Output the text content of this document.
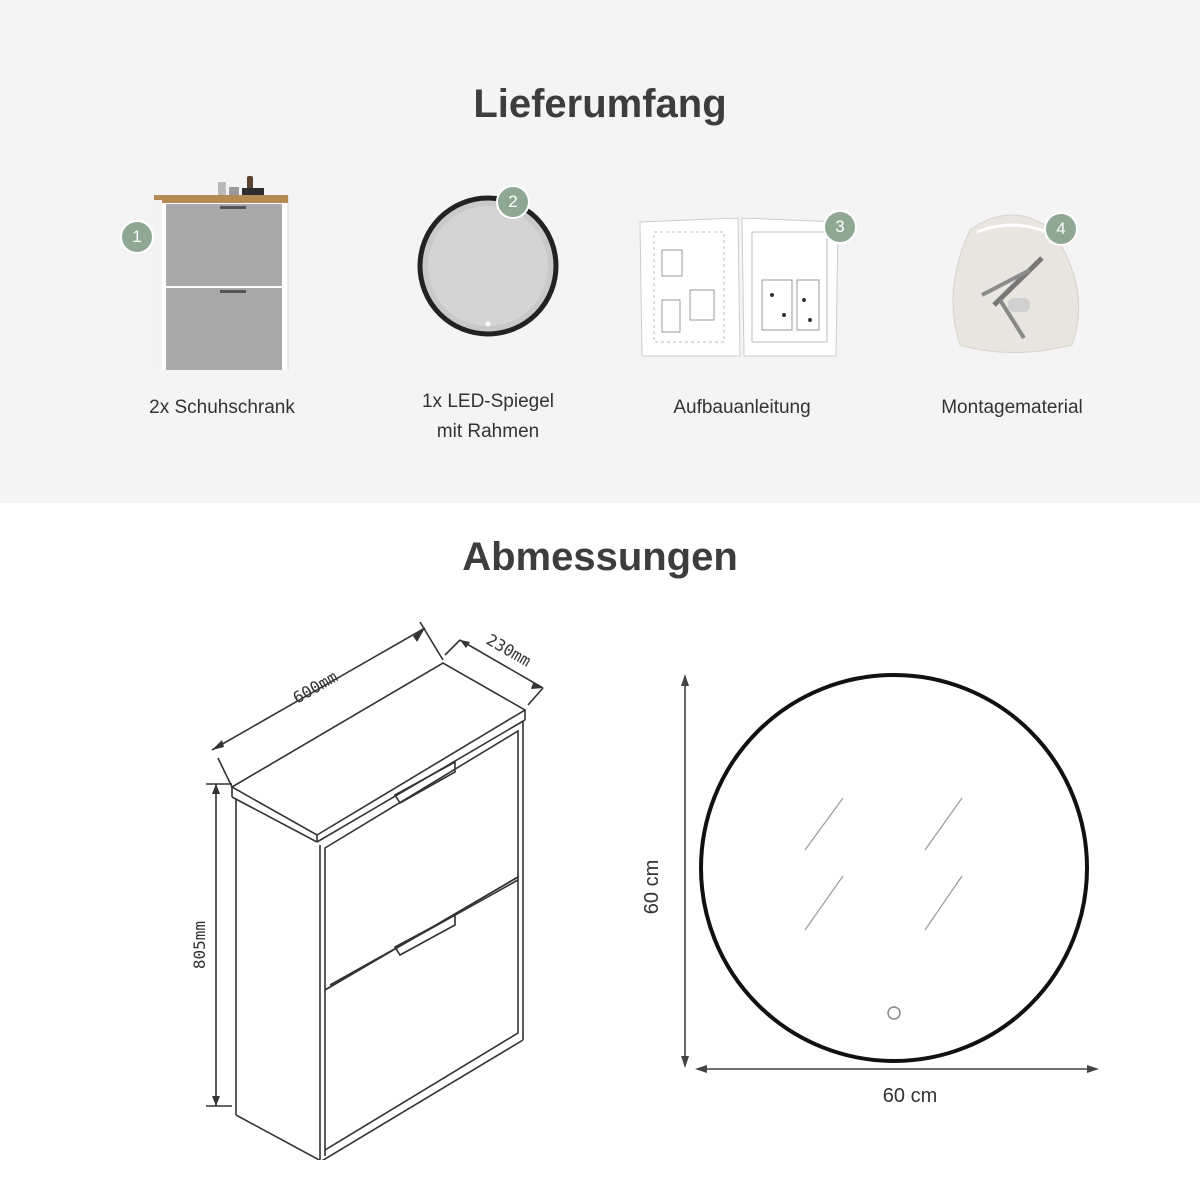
Lieferumfang
1
2x Schuhschrank
2
1x LED-Spiegel
mit Rahmen
3
Aufbauanleitung
4
Montagematerial
Abmessungen
600mm
230mm
805mm
60 cm
60 cm
